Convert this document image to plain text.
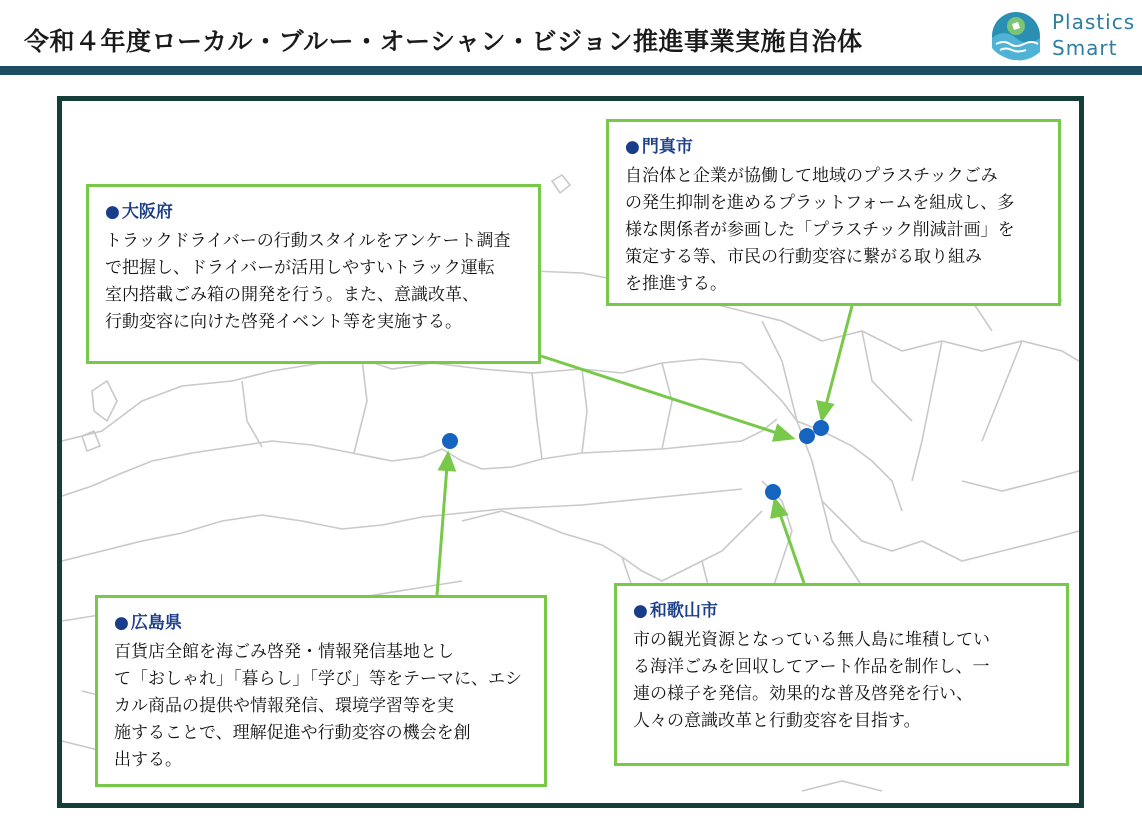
令和４年度ローカル・ブルー・オーシャン・ビジョン推進事業実施自治体
Plastics
Smart
● 大阪府
トラックドライバーの行動スタイルをアンケート調査
で把握し、ドライバーが活用しやすいトラック運転
室内搭載ごみ箱の開発を行う。また、意識改革、
行動変容に向けた啓発イベント等を実施する。
● 門真市
自治体と企業が協働して地域のプラスチックごみ
の発生抑制を進めるプラットフォームを組成し、多
様な関係者が参画した「プラスチック削減計画」を
策定する等、市民の行動変容に繋がる取り組み
を推進する。
● 広島県
百貨店全館を海ごみ啓発・情報発信基地とし
て「おしゃれ」「暮らし」「学び」等をテーマに、エシ
カル商品の提供や情報発信、環境学習等を実
施することで、理解促進や行動変容の機会を創
出する。
● 和歌山市
市の観光資源となっている無人島に堆積してい
る海洋ごみを回収してアート作品を制作し、一
連の様子を発信。効果的な普及啓発を行い、
人々の意識改革と行動変容を目指す。
